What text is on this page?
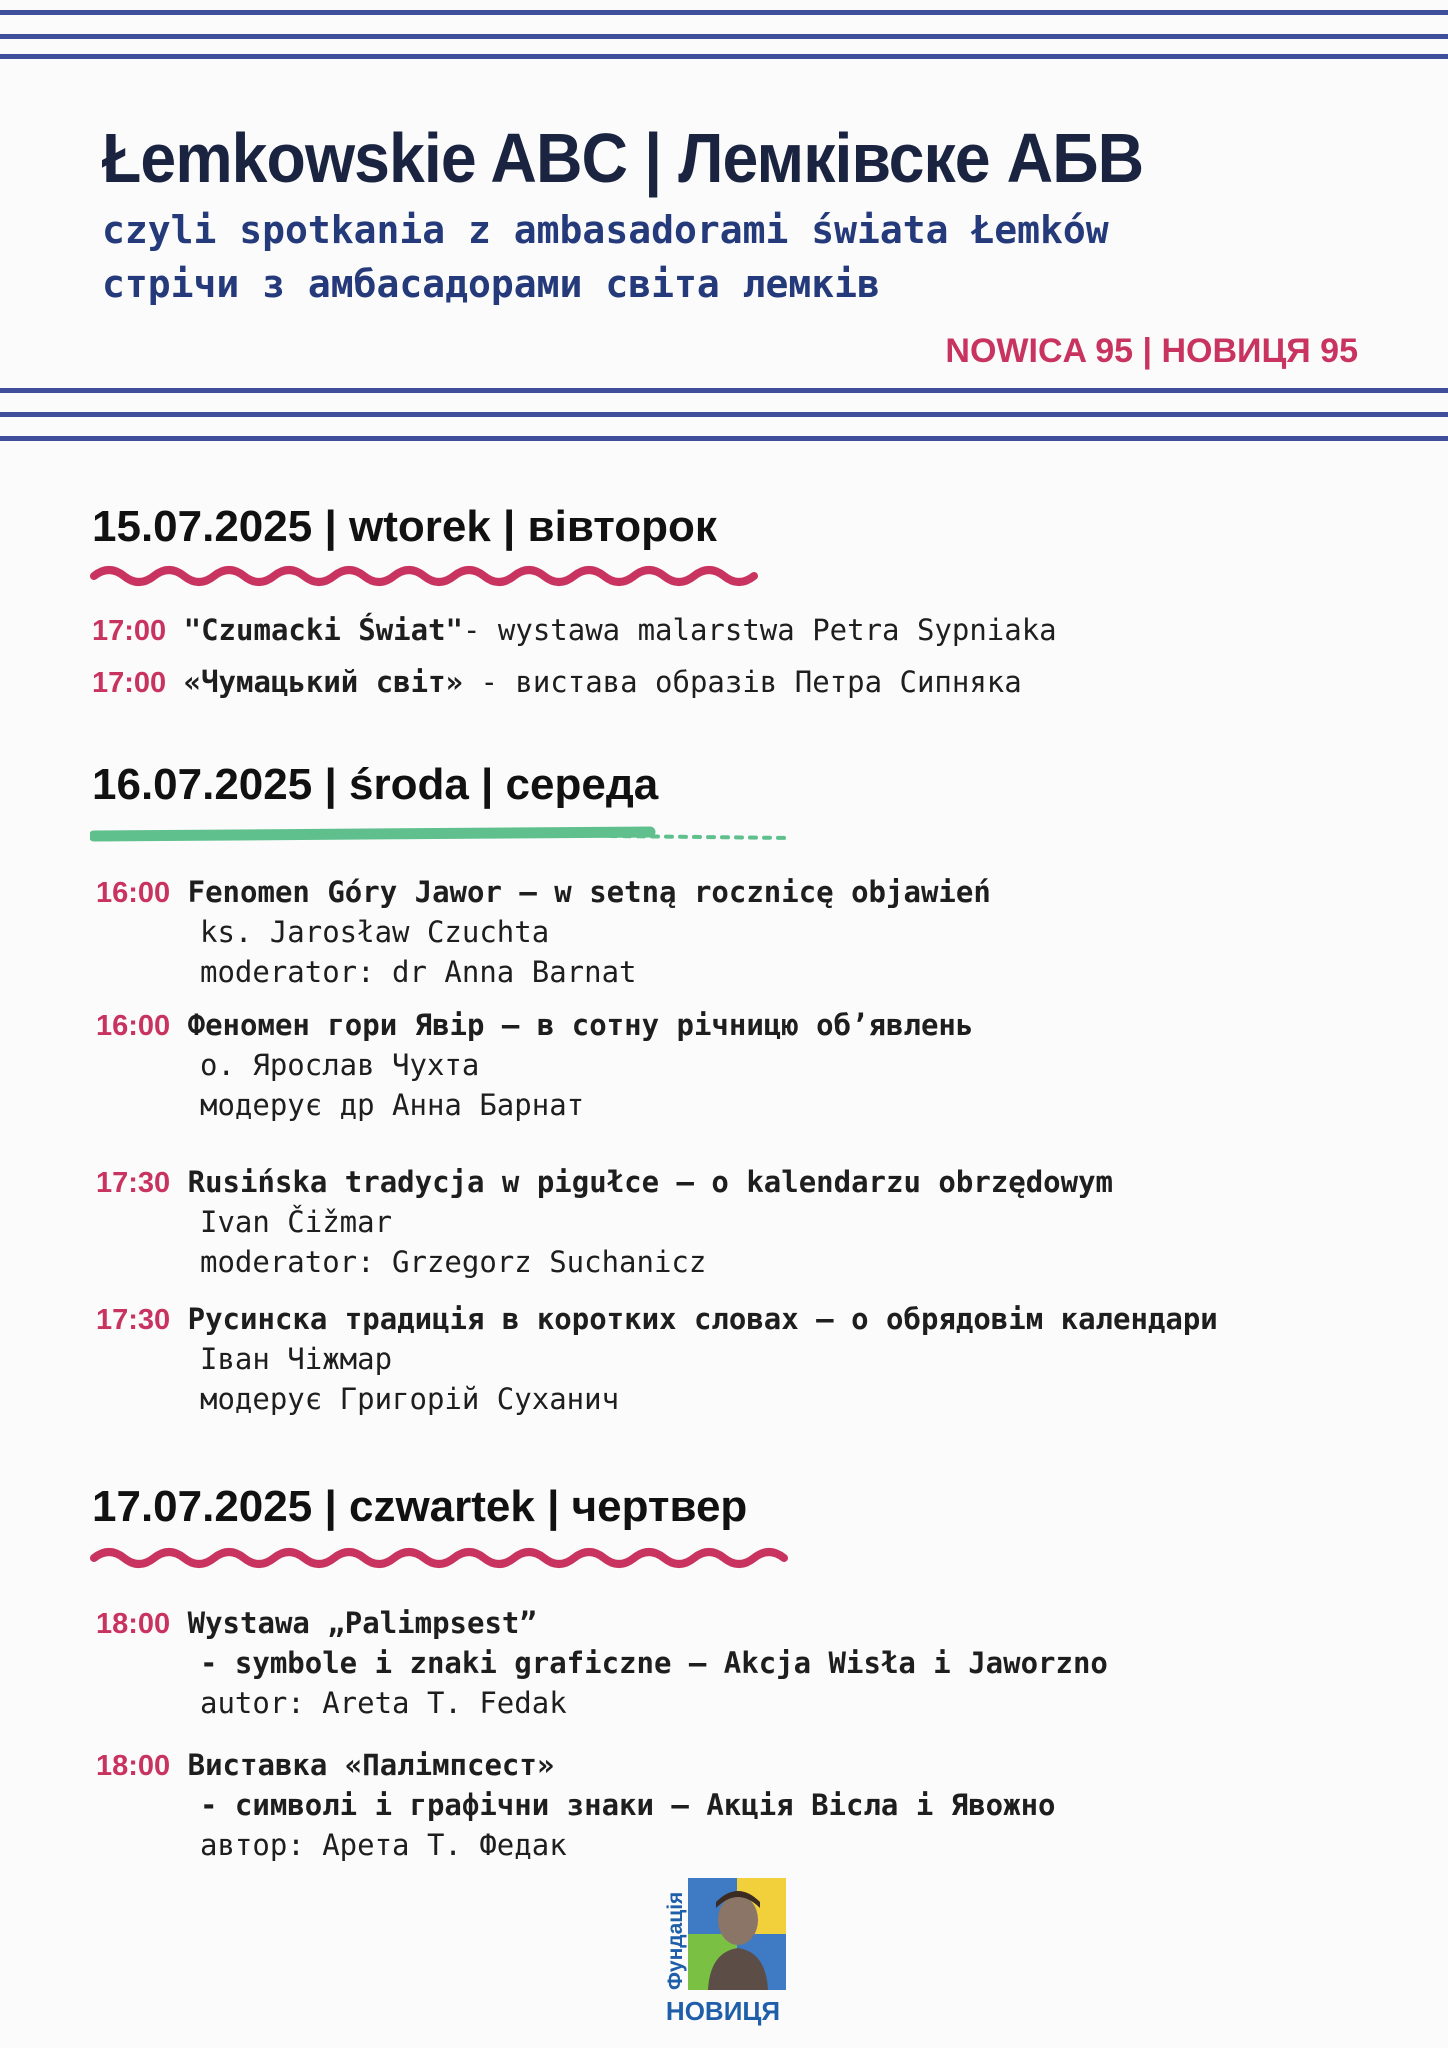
Łemkowskie ABC | Лемківске АБВ
czyli spotkania z ambasadorami świata Łemków
стрічи з амбасадорами світа лемків
NOWICA 95 | НОВИЦЯ 95
15.07.2025 | wtorek | вівторок
17:00 "Czumacki Świat"- wystawa malarstwa Petra Sypniaka
17:00 «Чумацький світ» - вистава образів Петра Сипняка
16.07.2025 | środa | середа
16:00 Fenomen Góry Jawor – w setną rocznicę objawień
ks. Jarosław Czuchta
moderator: dr Anna Barnat
16:00 Феномен гори Явір – в сотну річницю об’явлень
о. Ярослав Чухта
модерує др Анна Барнат
17:30 Rusińska tradycja w pigułce – o kalendarzu obrzędowym
Ivan Čižmar
moderator: Grzegorz Suchanicz
17:30 Русинска традиція в коротких словах – о обрядовім календари
Іван Чіжмар
модерує Григорій Суханич
17.07.2025 | czwartek | чертвер
18:00 Wystawa „Palimpsest”
- symbole i znaki graficzne – Akcja Wisła i Jaworzno
autor: Areta T. Fedak
18:00 Виставка «Палімпсест»
- символі і графічни знаки – Акція Вісла і Явожно
автор: Арета Т. Федак
Фундація
НОВИЦЯ
